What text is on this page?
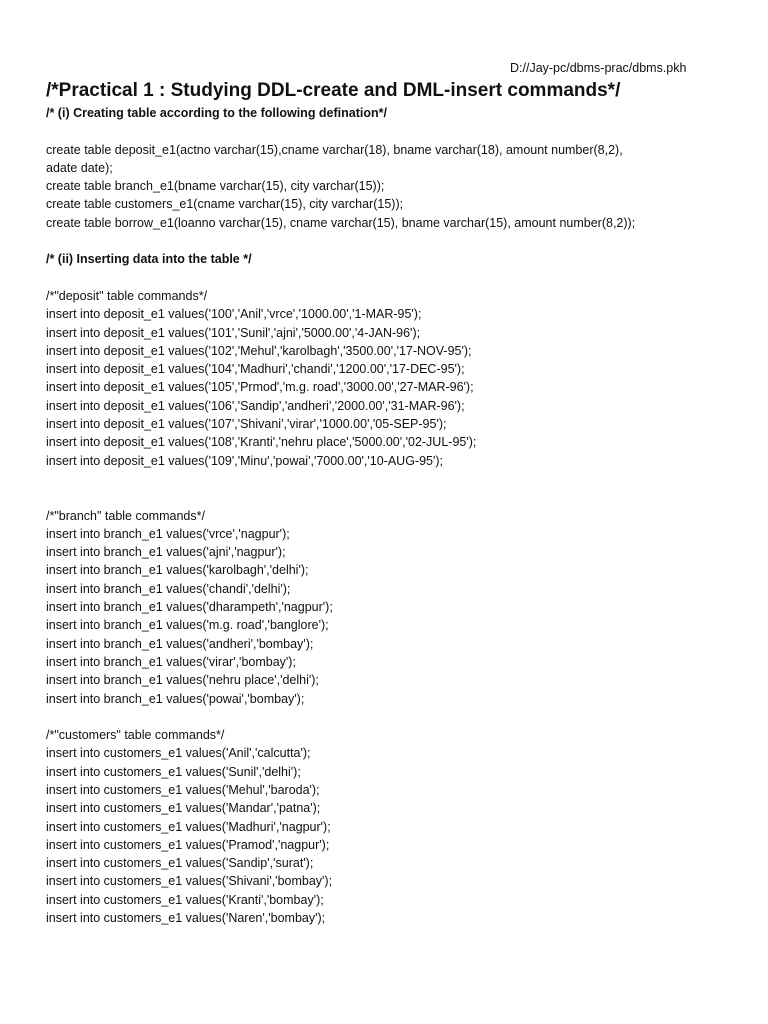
D://Jay-pc/dbms-prac/dbms.pkh
/*Practical 1 : Studying DDL-create and DML-insert commands*/
/* (i) Creating table according to the following defination*/
create table deposit_e1(actno varchar(15),cname varchar(18), bname varchar(18), amount number(8,2),
adate date);
create table branch_e1(bname varchar(15), city varchar(15));
create table customers_e1(cname varchar(15), city varchar(15));
create table borrow_e1(loanno varchar(15), cname varchar(15), bname varchar(15), amount number(8,2));
/* (ii) Inserting data into the table */
/*"deposit" table commands*/
insert into deposit_e1 values('100','Anil','vrce','1000.00','1-MAR-95');
insert into deposit_e1 values('101','Sunil','ajni','5000.00','4-JAN-96');
insert into deposit_e1 values('102','Mehul','karolbagh','3500.00','17-NOV-95');
insert into deposit_e1 values('104','Madhuri','chandi','1200.00','17-DEC-95');
insert into deposit_e1 values('105','Prmod','m.g. road','3000.00','27-MAR-96');
insert into deposit_e1 values('106','Sandip','andheri','2000.00','31-MAR-96');
insert into deposit_e1 values('107','Shivani','virar','1000.00','05-SEP-95');
insert into deposit_e1 values('108','Kranti','nehru place','5000.00','02-JUL-95');
insert into deposit_e1 values('109','Minu','powai','7000.00','10-AUG-95');
/*"branch" table commands*/
insert into branch_e1 values('vrce','nagpur');
insert into branch_e1 values('ajni','nagpur');
insert into branch_e1 values('karolbagh','delhi');
insert into branch_e1 values('chandi','delhi');
insert into branch_e1 values('dharampeth','nagpur');
insert into branch_e1 values('m.g. road','banglore');
insert into branch_e1 values('andheri','bombay');
insert into branch_e1 values('virar','bombay');
insert into branch_e1 values('nehru place','delhi');
insert into branch_e1 values('powai','bombay');
/*"customers" table commands*/
insert into customers_e1 values('Anil','calcutta');
insert into customers_e1 values('Sunil','delhi');
insert into customers_e1 values('Mehul','baroda');
insert into customers_e1 values('Mandar','patna');
insert into customers_e1 values('Madhuri','nagpur');
insert into customers_e1 values('Pramod','nagpur');
insert into customers_e1 values('Sandip','surat');
insert into customers_e1 values('Shivani','bombay');
insert into customers_e1 values('Kranti','bombay');
insert into customers_e1 values('Naren','bombay');
